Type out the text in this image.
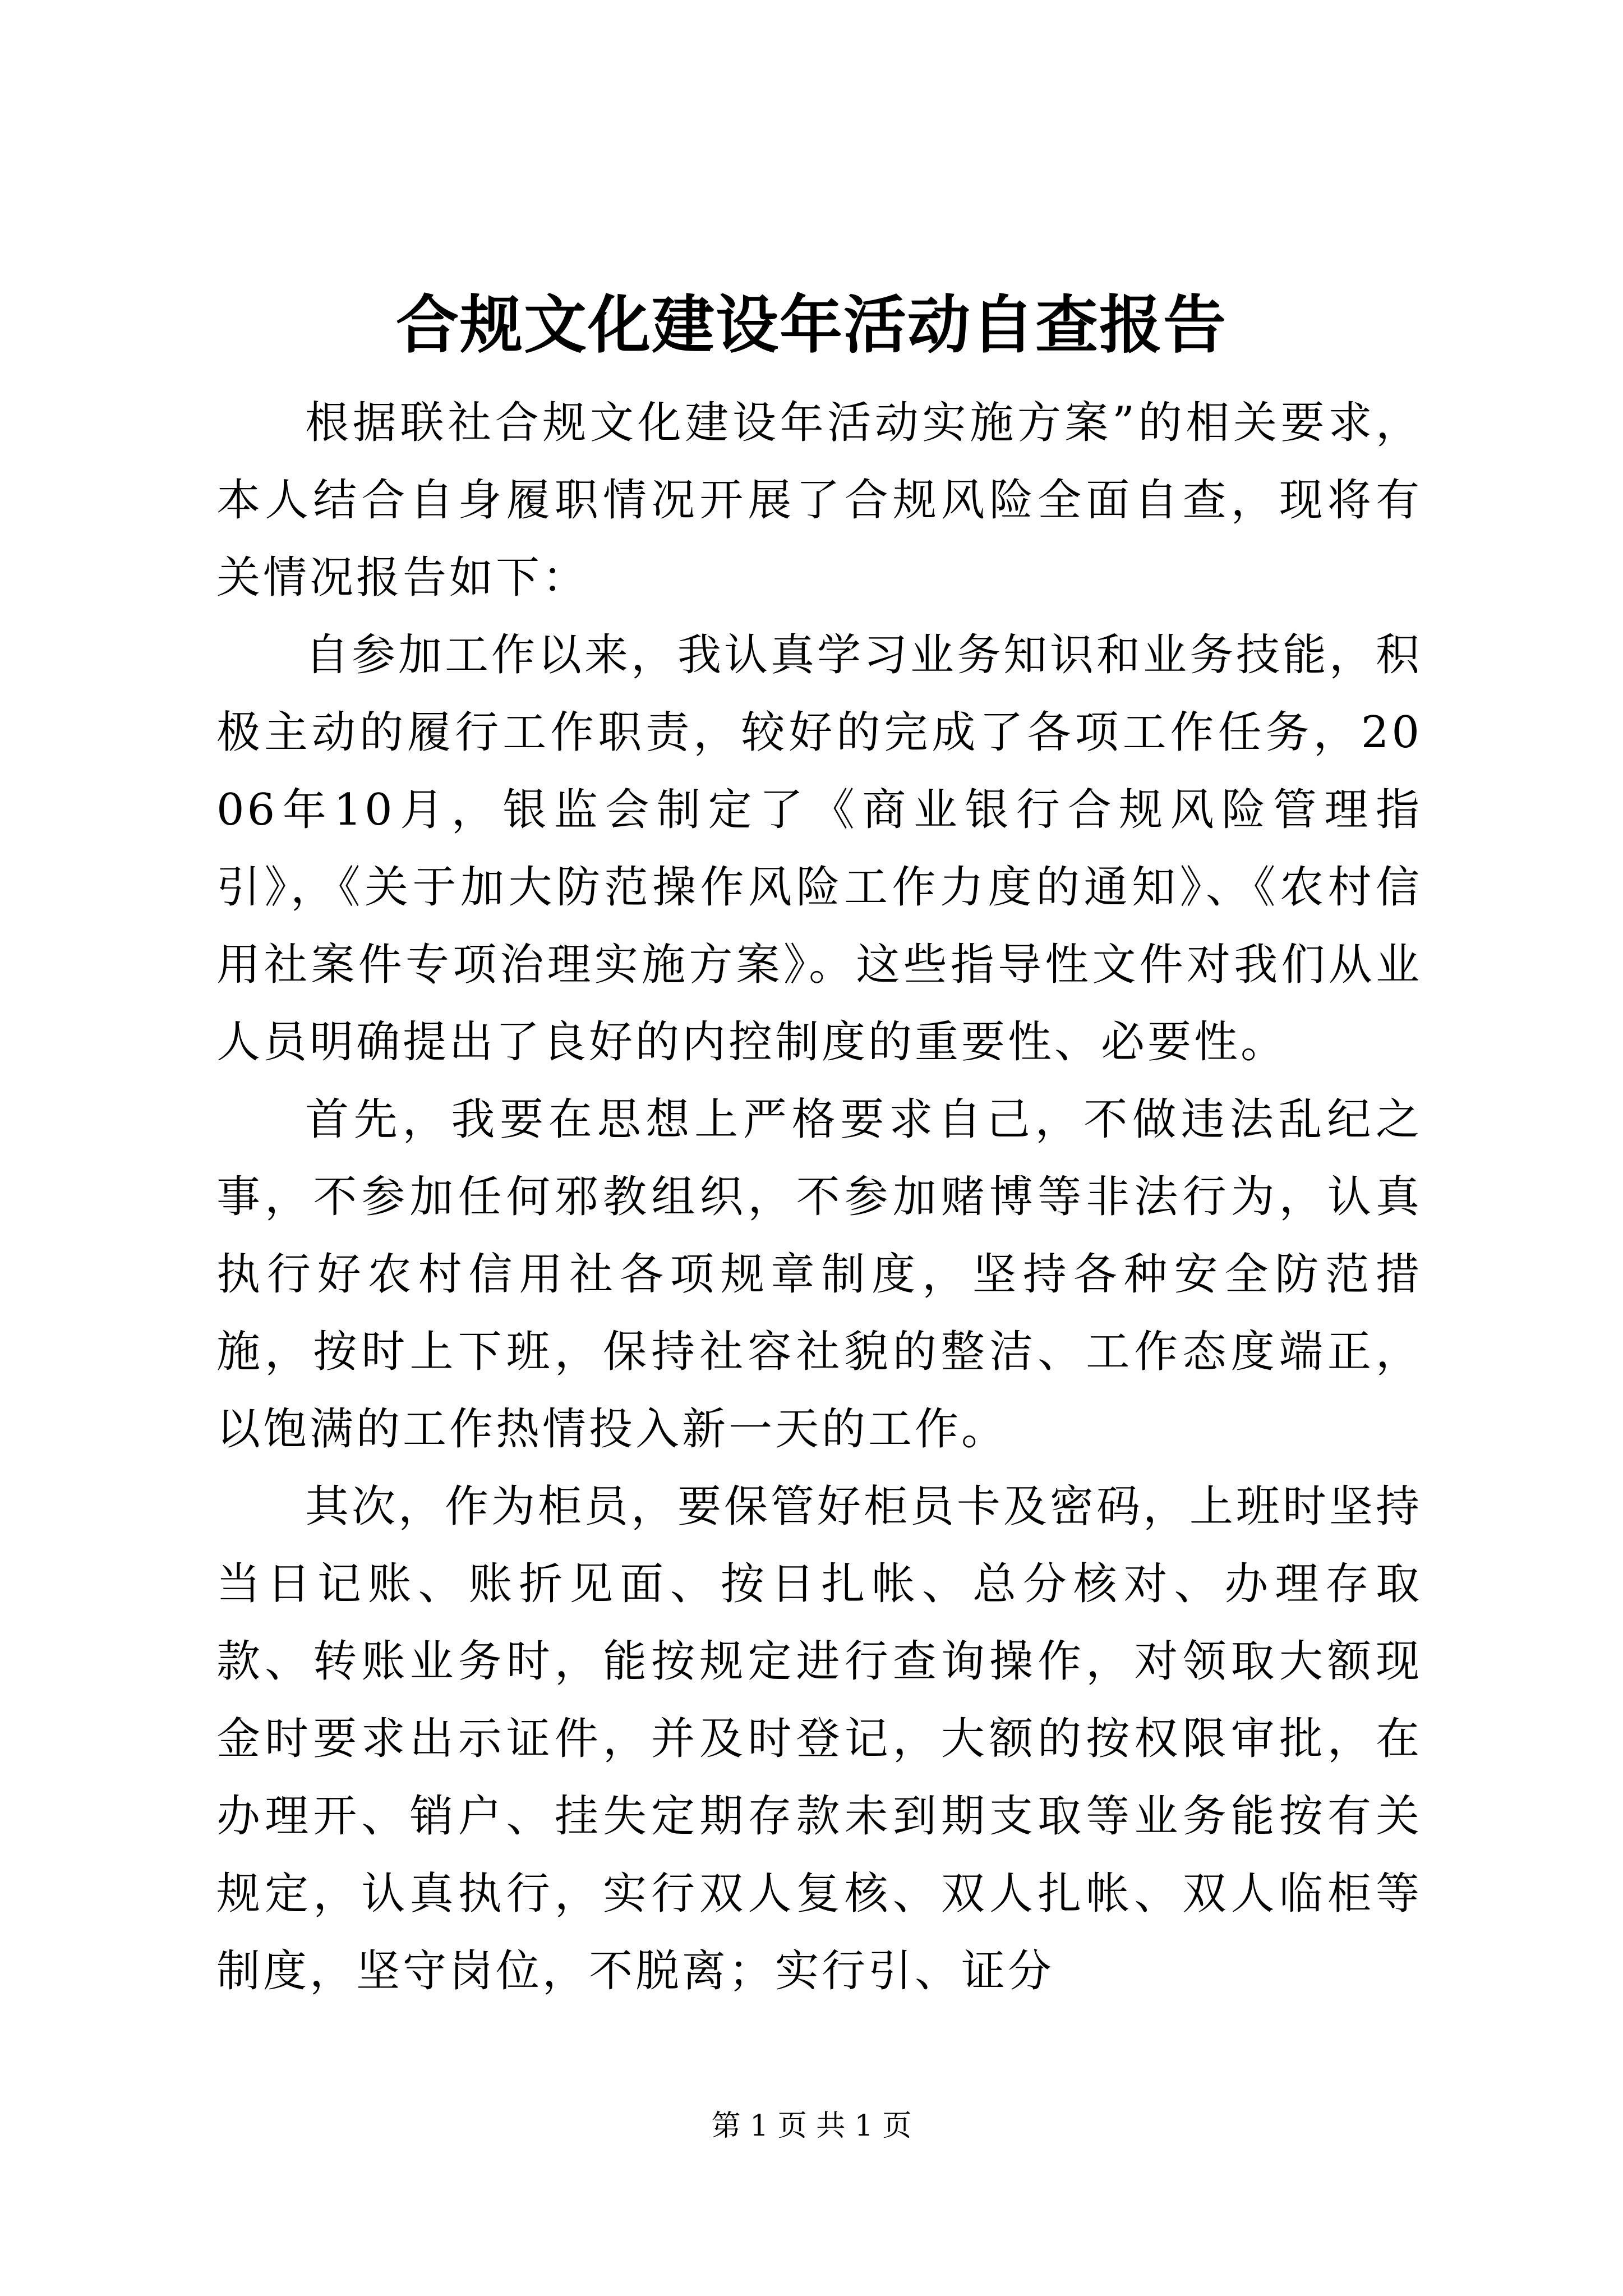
合规文化建设年活动自查报告

根据联社合规文化建设年活动实施方案”的相关要求，本人结合自身履职情况开展了合规风险全面自查，现将有关情况报告如下：

自参加工作以来，我认真学习业务知识和业务技能，积极主动的履行工作职责，较好的完成了各项工作任务，2006年10月，银监会制定了《商业银行合规风险管理指引》，《关于加大防范操作风险工作力度的通知》、《农村信用社案件专项治理实施方案》。这些指导性文件对我们从业人员明确提出了良好的内控制度的重要性、必要性。

首先，我要在思想上严格要求自己，不做违法乱纪之事，不参加任何邪教组织，不参加赌博等非法行为，认真执行好农村信用社各项规章制度，坚持各种安全防范措施，按时上下班，保持社容社貌的整洁、工作态度端正，以饱满的工作热情投入新一天的工作。

其次，作为柜员，要保管好柜员卡及密码，上班时坚持当日记账、账折见面、按日扎帐、总分核对、办理存取款、转账业务时，能按规定进行查询操作，对领取大额现金时要求出示证件，并及时登记，大额的按权限审批，在办理开、销户、挂失定期存款未到期支取等业务能按有关规定，认真执行，实行双人复核、双人扎帐、双人临柜等制度，坚守岗位，不脱离；实行引、证分

第 1 页 共 1 页
